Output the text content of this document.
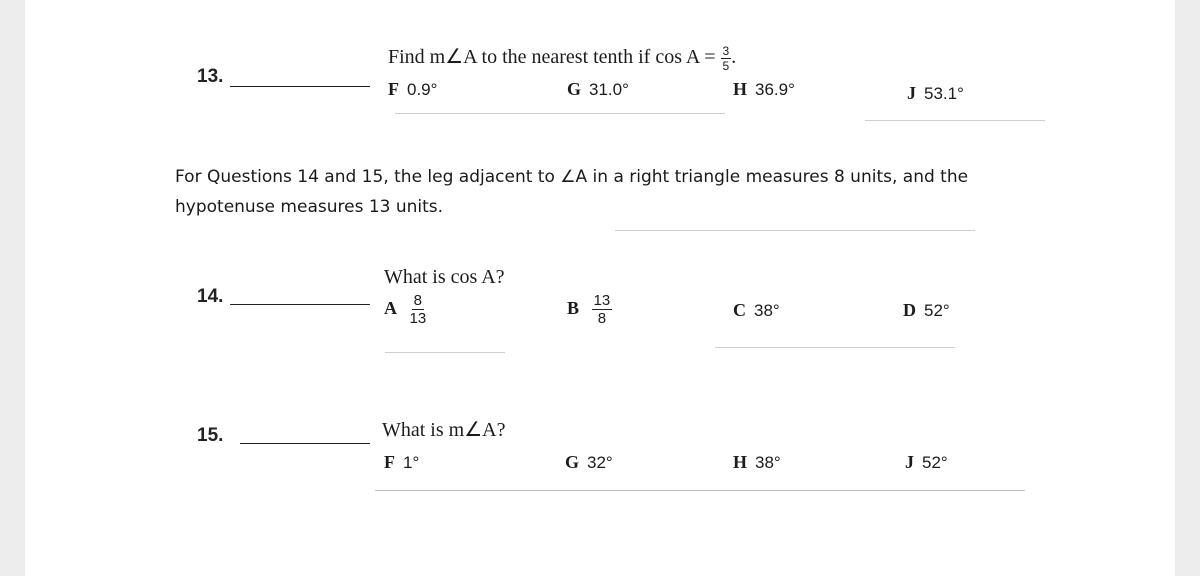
13.
Find m∠A to the nearest tenth if $\cos A = \frac{3}{5}$ .
F 0.9°	G 31.0°	H 36.9°	J 53.1°
For Questions 14 and 15, the leg adjacent to ∠A in a right triangle measures 8 units, and the hypotenuse measures 13 units.
14.
What is cos A?
A $\frac{8}{13}$	B $\frac{13}{8}$	C 38°	D 52°
15.	What is m∠A?
F 1°	G 32°	H 38°	J 52°
